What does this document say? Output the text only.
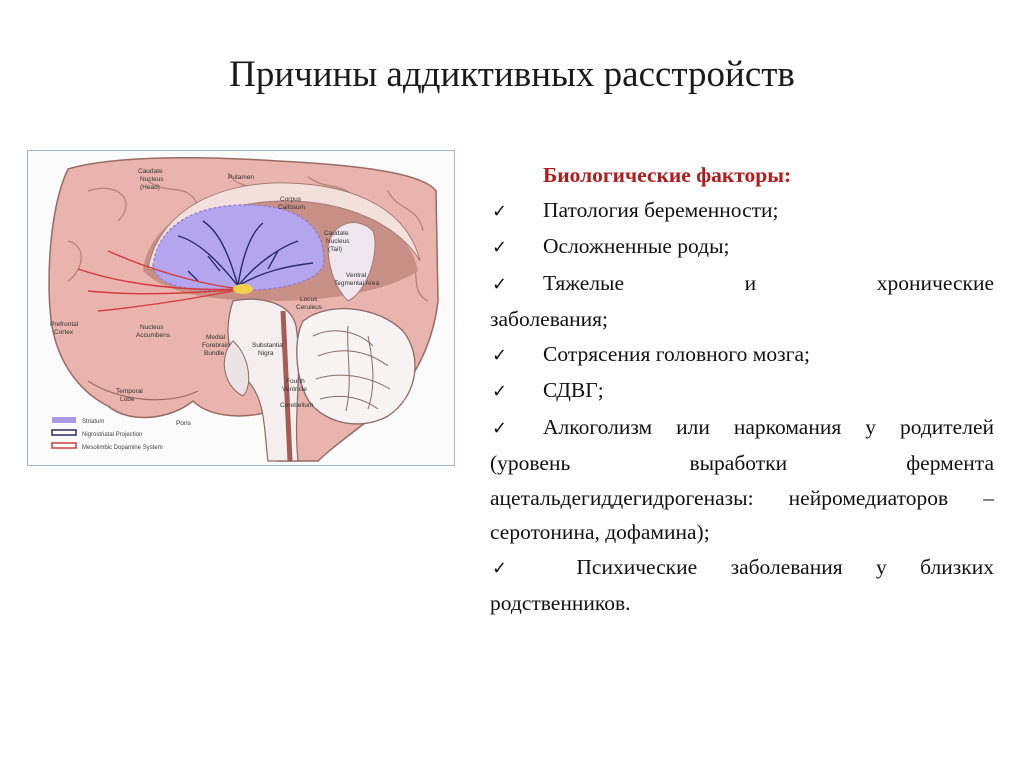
Причины аддиктивных расстройств
Caudate
Nucleus
(Head)
Putamen
Corpus
Callosum
Caudate
Nucleus
(Tail)
Ventral
Tegmental Area
Locus
Ceruleus
Prefrontal
Cortex
Nucleus
Accumbens	Medial
Forebrain
Bundle
Substantia
Nigra
Fourth
Ventricle
Cerebellum
Temporal
Lobe
Pons
Striatum
Nigrostriatal Projection
Mesolimbic Dopamine System
Биологические факторы:
✓ Патология беременности;
✓ Осложненные роды;
✓ Тяжелые и хронические
заболевания;
✓ Сотрясения головного мозга;
✓ СДВГ;
✓ Алкоголизм или наркомания у родителей (уровень выработки фермента ацетальдегиддегидрогеназы: нейромедиаторов – серотонина, дофамина);
✓ Психические заболевания у близких родственников.
